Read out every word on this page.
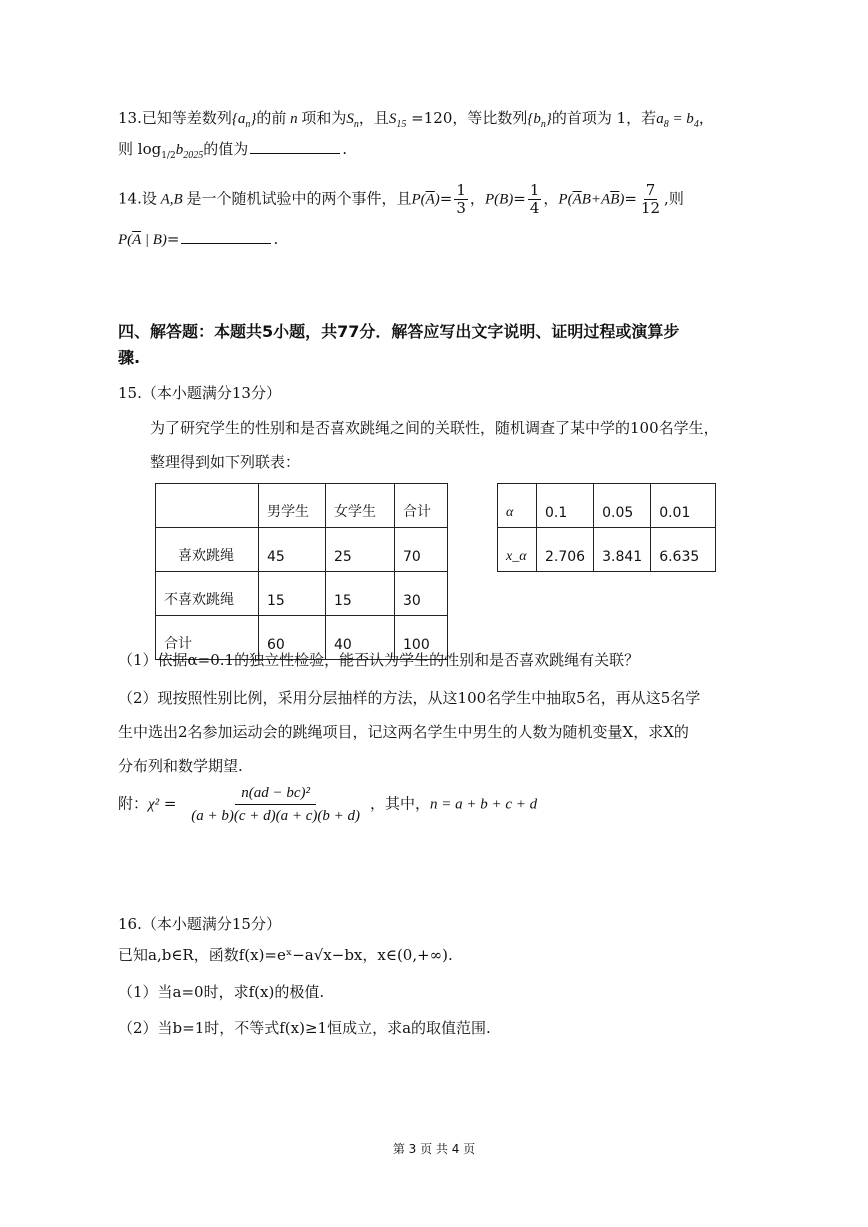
13.已知等差数列$\{a_n\}$的前 n 项和为$S_n$，且$S_{15} =120$，等比数列$\{b_n\}$的首项为 1，若$a_8 = b_4$，
则 $\log_{1/2}b_{2025}$的值为	.
14.设 A,B 是一个随机试验中的两个事件，且$P(\overline{A})= \frac{1}{3}$ ，$P(B)= \frac{1}{4}$ ，$P(\overline{A}B+A\overline{B})= \frac{7}{12}$ ,则
$P(\overline{A}$ | B)=	.
四、解答题：本题共5小题，共77分．解答应写出文字说明、证明过程或演算步
骤.
15.（本小题满分13分）
为了研究学生的性别和是否喜欢跳绳之间的关联性，随机调查了某中学的100名学生，
整理得到如下列联表：
	男学生	女学生	合计
喜欢跳绳	45	25	70
不喜欢跳绳	15	15	30
合计	60	40	100
α	0.1	0.05	0.01
x_α	2.706	3.841	6.635
（1）依据α=0.1的独立性检验，能否认为学生的性别和是否喜欢跳绳有关联？
（2）现按照性别比例，采用分层抽样的方法，从这100名学生中抽取5名，再从这5名学
生中选出2名参加运动会的跳绳项目，记这两名学生中男生的人数为随机变量X，求X的
分布列和数学期望.
附：$\chi^2 = \frac{\text{n(ad − bc)²}}{(a + b)(c + d)(a + c)(b + d)}$ ，其中，n = a + b + c + d
16.（本小题满分15分）
已知a,b∈R，函数f(x)=eˣ−a√x−bx，x∈(0,+∞).
（1）当a=0时，求f(x)的极值.
（2）当b=1时，不等式f(x)≥1恒成立，求a的取值范围.
第 3 页 共 4 页
